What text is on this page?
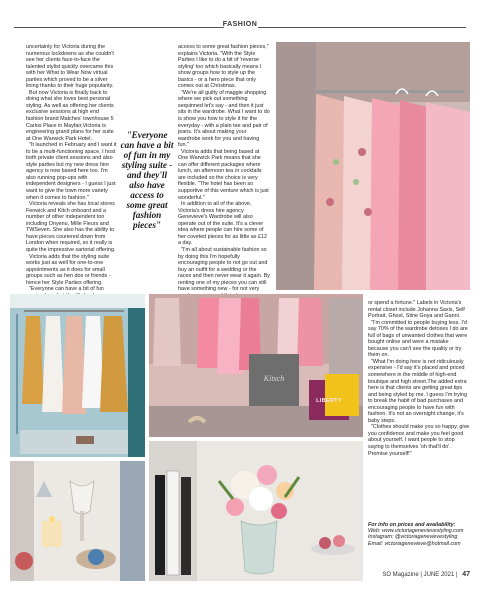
FASHION

uncertainty for Victoria during the numerous lockdowns as she couldn't see her clients face-to-face the talented stylist quickly overcame this with her What to Wear Now virtual parties which proved to be a silver lining thanks to their huge popularity.

But now Victoria is finally back to doing what she loves best personal styling. As well as offering her clients exclusive sessions at high end fashion brand Matches' townhouse 5 Carlos Place in Mayfair,Victoria is engineering grand plans for her suite at One Warwick Park Hotel.

"It launched in February and I want it to be a multi-functioning space. I host both private client sessions and also style parties but my new dress hire agency is now based here too. I'm also running pop-ups with independent designers - I guess I just want to give the town more variety when it comes to fashion."

Victoria reveals she has local stores Fenwick and Kitch onboard and a number of other independent too including Onyenu, Mille Fleurs and TWSeven. She also has the ability to have pieces couriered down from London when required, so it really is quite the impressive sartorial offering.

Victoria adds that the styling suite works just as well for one-to-one appointments as it does for small groups such as hen dos or friends - hence her Style Parties offering.

"Everyone can have a bit of fun

"Everyone can have a bit of fun in my styling suite - and they'll also have access to some great fashion pieces"

access to some great fashion pieces," explains Victoria. "With the Style Parties I like to do a bit of 'reverse styling' too which basically means I show groups how to style up the basics - or a hero piece that only comes out at Christmas.

"We're all guilty of maggie shopping where we pick out something sequinned let's say - and then it just sits in the wardrobe. What I want to do is show you how to style it for the everyday - with a plain tee and pair of jeans. It's about making your wardrobe work for you and having fun."

Victoria adds that being based at One Warwick Park means that she can offer different packages where lunch, an afternoon tea or cocktails are included so the choice is very flexible. "The hotel has been so supportive of this venture which is just wonderful."

In addition to all of the above, Victoria's dress hire agency Genevieve's Wardrobe will also operate out of the suite. It's a clever idea where people can hire some of her coveted pieces for as little as £12 a day.

"I'm all about sustainable fashion so by doing this I'm hopefully encouraging people to not go out and buy an outfit for a wedding or the races and then never wear it again. By renting one of my pieces you can still have something new - for not very

Kitsch
LIBERTY

or spend a fortune." Labels in Victoria's rental closet include Johanna Saxis, Self Portrait, Ghost, Stine Goya and Ganni.

"I'm committed to people buying less. I'd say 70% of the wardrobe detoxes I do are full of bags of unwanted clothes that were bought online and were a mistake because you can't see the quality or try them on.

"What I'm doing here is not ridiculously expensive - I'd say it's placed and priced somewhere in the middle of high-end boutique and high street.The added extra here is that clients are getting great tips and being styled by me. I guess I'm trying to break the habit of bad purchases and encouraging people to have fun with fashion. It's not an overnight change, it's baby steps.

"Clothes should make you so happy, give you confidence and make you feel good about yourself. I want people to stop saying to themselves 'oh that'll do'. Promise yourself!"

For info on prices and availability:
Web: www.victoriagenevievestyling.com
Instagram: @victoriagenevievestyling
Email: victoriagenevieve@hotmail.com
SO Magazine | JUNE 2021 | 47
